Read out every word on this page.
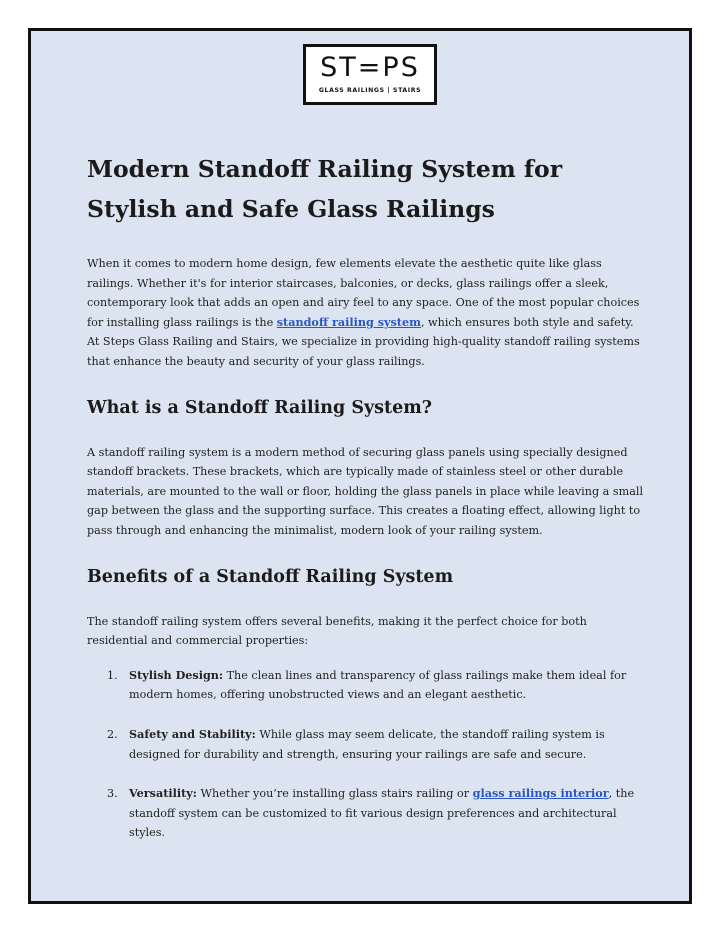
ST=PS
GLASS RAILINGS | STAIRS
Modern Standoff Railing System for Stylish and Safe Glass Railings

When it comes to modern home design, few elements elevate the aesthetic quite like glass railings. Whether it's for interior staircases, balconies, or decks, glass railings offer a sleek, contemporary look that adds an open and airy feel to any space. One of the most popular choices for installing glass railings is the standoff railing system, which ensures both style and safety. At Steps Glass Railing and Stairs, we specialize in providing high-quality standoff railing systems that enhance the beauty and security of your glass railings.

What is a Standoff Railing System?

A standoff railing system is a modern method of securing glass panels using specially designed standoff brackets. These brackets, which are typically made of stainless steel or other durable materials, are mounted to the wall or floor, holding the glass panels in place while leaving a small gap between the glass and the supporting surface. This creates a floating effect, allowing light to pass through and enhancing the minimalist, modern look of your railing system.

Benefits of a Standoff Railing System

The standoff railing system offers several benefits, making it the perfect choice for both residential and commercial properties:

1. Stylish Design: The clean lines and transparency of glass railings make them ideal for modern homes, offering unobstructed views and an elegant aesthetic.

2. Safety and Stability: While glass may seem delicate, the standoff railing system is designed for durability and strength, ensuring your railings are safe and secure.

3. Versatility: Whether you’re installing glass stairs railing or glass railings interior, the standoff system can be customized to fit various design preferences and architectural styles.
